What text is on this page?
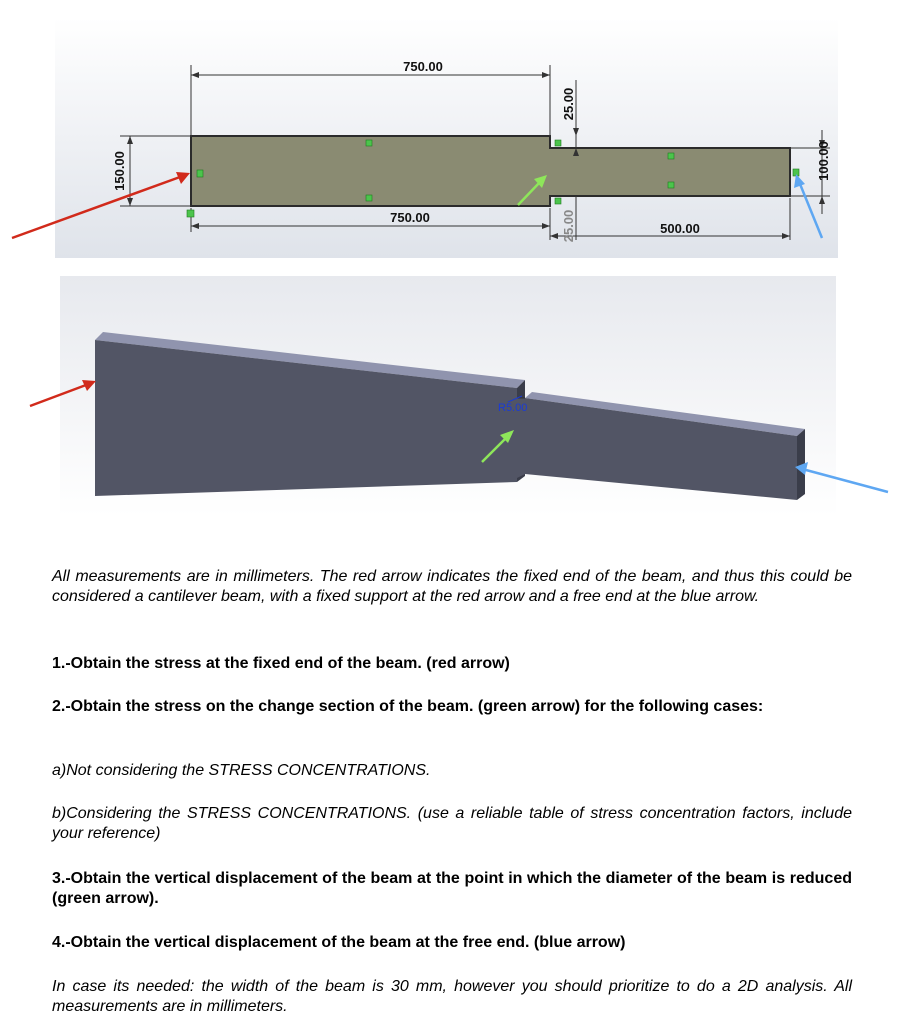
750.00
750.00
500.00
150.00	100.00
25.00
25.00
R5.00

All measurements are in millimeters. The red arrow indicates the fixed end of the beam, and thus this could be considered a cantilever beam, with a fixed support at the red arrow and a free end at the blue arrow.

1.-Obtain the stress at the fixed end of the beam. (red arrow)

2.-Obtain the stress on the change section of the beam. (green arrow) for the following cases:

a)Not considering the STRESS CONCENTRATIONS.

b)Considering the STRESS CONCENTRATIONS. (use a reliable table of stress concentration factors, include your reference)

3.-Obtain the vertical displacement of the beam at the point in which the diameter of the beam is reduced (green arrow).

4.-Obtain the vertical displacement of the beam at the free end. (blue arrow)

In case its needed: the width of the beam is 30 mm, however you should prioritize to do a 2D analysis. All measurements are in millimeters.
